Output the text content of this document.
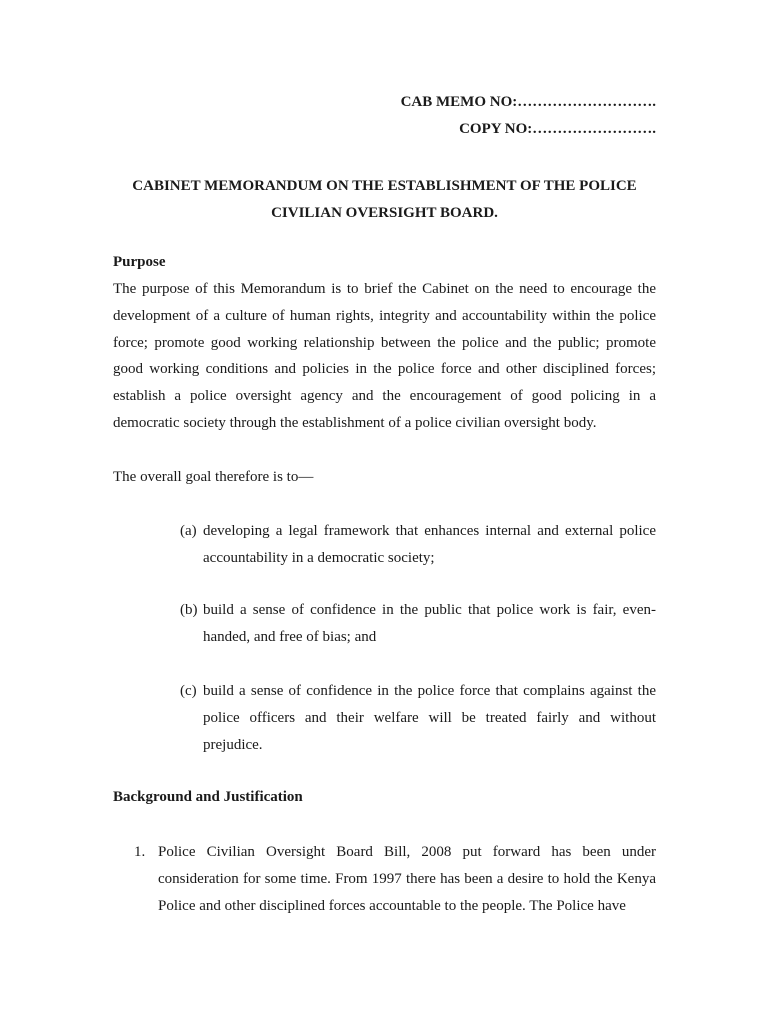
CAB MEMO NO:……………………….
COPY NO:…………………….
CABINET MEMORANDUM ON THE ESTABLISHMENT OF THE POLICE CIVILIAN OVERSIGHT BOARD.
Purpose

The purpose of this Memorandum is to brief the Cabinet on the need to encourage the development of a culture of human rights, integrity and accountability within the police force; promote good working relationship between the police and the public; promote good working conditions and policies in the police force and other disciplined forces; establish a police oversight agency and the encouragement of good policing in a democratic society through the establishment of a police civilian oversight body.

The overall goal therefore is to—

(a) developing a legal framework that enhances internal and external police accountability in a democratic society;
(b) build a sense of confidence in the public that police work is fair, even-handed, and free of bias; and
(c) build a sense of confidence in the police force that complains against the police officers and their welfare will be treated fairly and without prejudice.
Background and Justification
1. Police Civilian Oversight Board Bill, 2008 put forward has been under consideration for some time. From 1997 there has been a desire to hold the Kenya Police and other disciplined forces accountable to the people. The Police have
